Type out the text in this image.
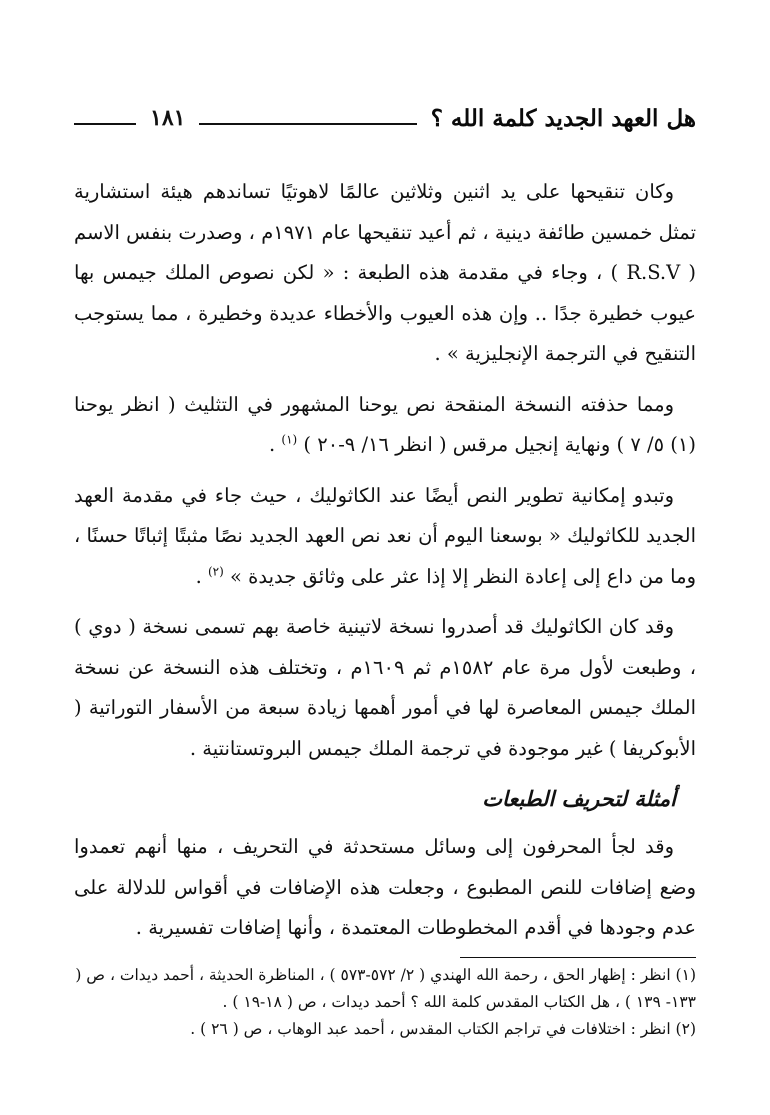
هل العهد الجديد كلمة الله ؟
١٨١

وكان تنقيحها على يد اثنين وثلاثين عالمًا لاهوتيًا تساندهم هيئة استشارية تمثل خمسين طائفة دينية ، ثم أعيد تنقيحها عام ١٩٧١م ، وصدرت بنفس الاسم ( R.S.V ) ، وجاء في مقدمة هذه الطبعة : « لكن نصوص الملك جيمس بها عيوب خطيرة جدًا .. وإن هذه العيوب والأخطاء عديدة وخطيرة ، مما يستوجب التنقيح في الترجمة الإنجليزية » .

ومما حذفته النسخة المنقحة نص يوحنا المشهور في التثليث ( انظر يوحنا (١) ٥/ ٧ ) ونهاية إنجيل مرقس ( انظر ١٦/ ٩-٢٠ ) $^{(١)}$ .

وتبدو إمكانية تطوير النص أيضًا عند الكاثوليك ، حيث جاء في مقدمة العهد الجديد للكاثوليك « بوسعنا اليوم أن نعد نص العهد الجديد نصًا مثبتًا إثباتًا حسنًا ، وما من داع إلى إعادة النظر إلا إذا عثر على وثائق جديدة » $^{(٢)}$ .

وقد كان الكاثوليك قد أصدروا نسخة لاتينية خاصة بهم تسمى نسخة ( دوي ) ، وطبعت لأول مرة عام ١٥٨٢م ثم ١٦٠٩م ، وتختلف هذه النسخة عن نسخة الملك جيمس المعاصرة لها في أمور أهمها زيادة سبعة من الأسفار التوراتية ( الأبوكريفا ) غير موجودة في ترجمة الملك جيمس البروتستانتية .

أمثلة لتحريف الطبعات

وقد لجأ المحرفون إلى وسائل مستحدثة في التحريف ، منها أنهم تعمدوا وضع إضافات للنص المطبوع ، وجعلت هذه الإضافات في أقواس للدلالة على عدم وجودها في أقدم المخطوطات المعتمدة ، وأنها إضافات تفسيرية .

(١) انظر : إظهار الحق ، رحمة الله الهندي ( ٢/ ٥٧٢-٥٧٣ ) ، المناظرة الحديثة ، أحمد ديدات ، ص ( ١٣٣- ١٣٩ ) ، هل الكتاب المقدس كلمة الله ؟ أحمد ديدات ، ص ( ١٨-١٩ ) .

(٢) انظر : اختلافات في تراجم الكتاب المقدس ، أحمد عبد الوهاب ، ص ( ٢٦ ) .
